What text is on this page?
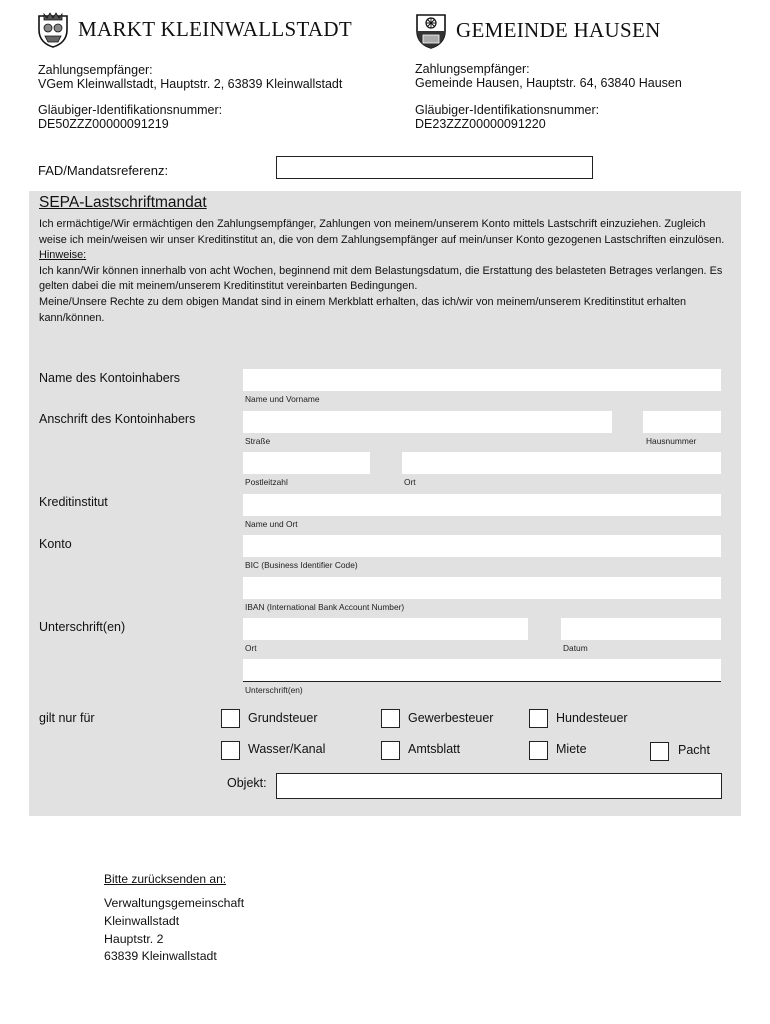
MARKT KLEINWALLSTADT
Zahlungsempfänger:
VGem Kleinwallstadt, Hauptstr. 2, 63839 Kleinwallstadt
Gläubiger-Identifikationsnummer:
DE50ZZZ00000091219
GEMEINDE HAUSEN
Zahlungsempfänger:
Gemeinde Hausen, Hauptstr. 64, 63840 Hausen
Gläubiger-Identifikationsnummer:
DE23ZZZ00000091220
FAD/Mandatsreferenz:
SEPA-Lastschriftmandat
Ich ermächtige/Wir ermächtigen den Zahlungsempfänger, Zahlungen von meinem/unserem Konto mittels Lastschrift einzuziehen. Zugleich weise ich mein/weisen wir unser Kreditinstitut an, die von dem Zahlungsempfänger auf mein/unser Konto gezogenen Lastschriften einzulösen.
Hinweise:
Ich kann/Wir können innerhalb von acht Wochen, beginnend mit dem Belastungsdatum, die Erstattung des belasteten Betrages verlangen. Es gelten dabei die mit meinem/unserem Kreditinstitut vereinbarten Bedingungen.
Meine/Unsere Rechte zu dem obigen Mandat sind in einem Merkblatt erhalten, das ich/wir von meinem/unserem Kreditinstitut erhalten kann/können.
Name des Kontoinhabers
Name und Vorname
Anschrift des Kontoinhabers
Straße	Hausnummer
Postleitzahl	Ort
Kreditinstitut
Name und Ort
Konto
BIC (Business Identifier Code)
IBAN (International Bank Account Number)
Unterschrift(en)
Ort	Datum
Unterschrift(en)
gilt nur für	Grundsteuer	Gewerbesteuer	Hundesteuer
Wasser/Kanal	Amtsblatt	Miete	Pacht
Objekt:
Bitte zurücksenden an:
Verwaltungsgemeinschaft
Kleinwallstadt
Hauptstr. 2
63839 Kleinwallstadt
